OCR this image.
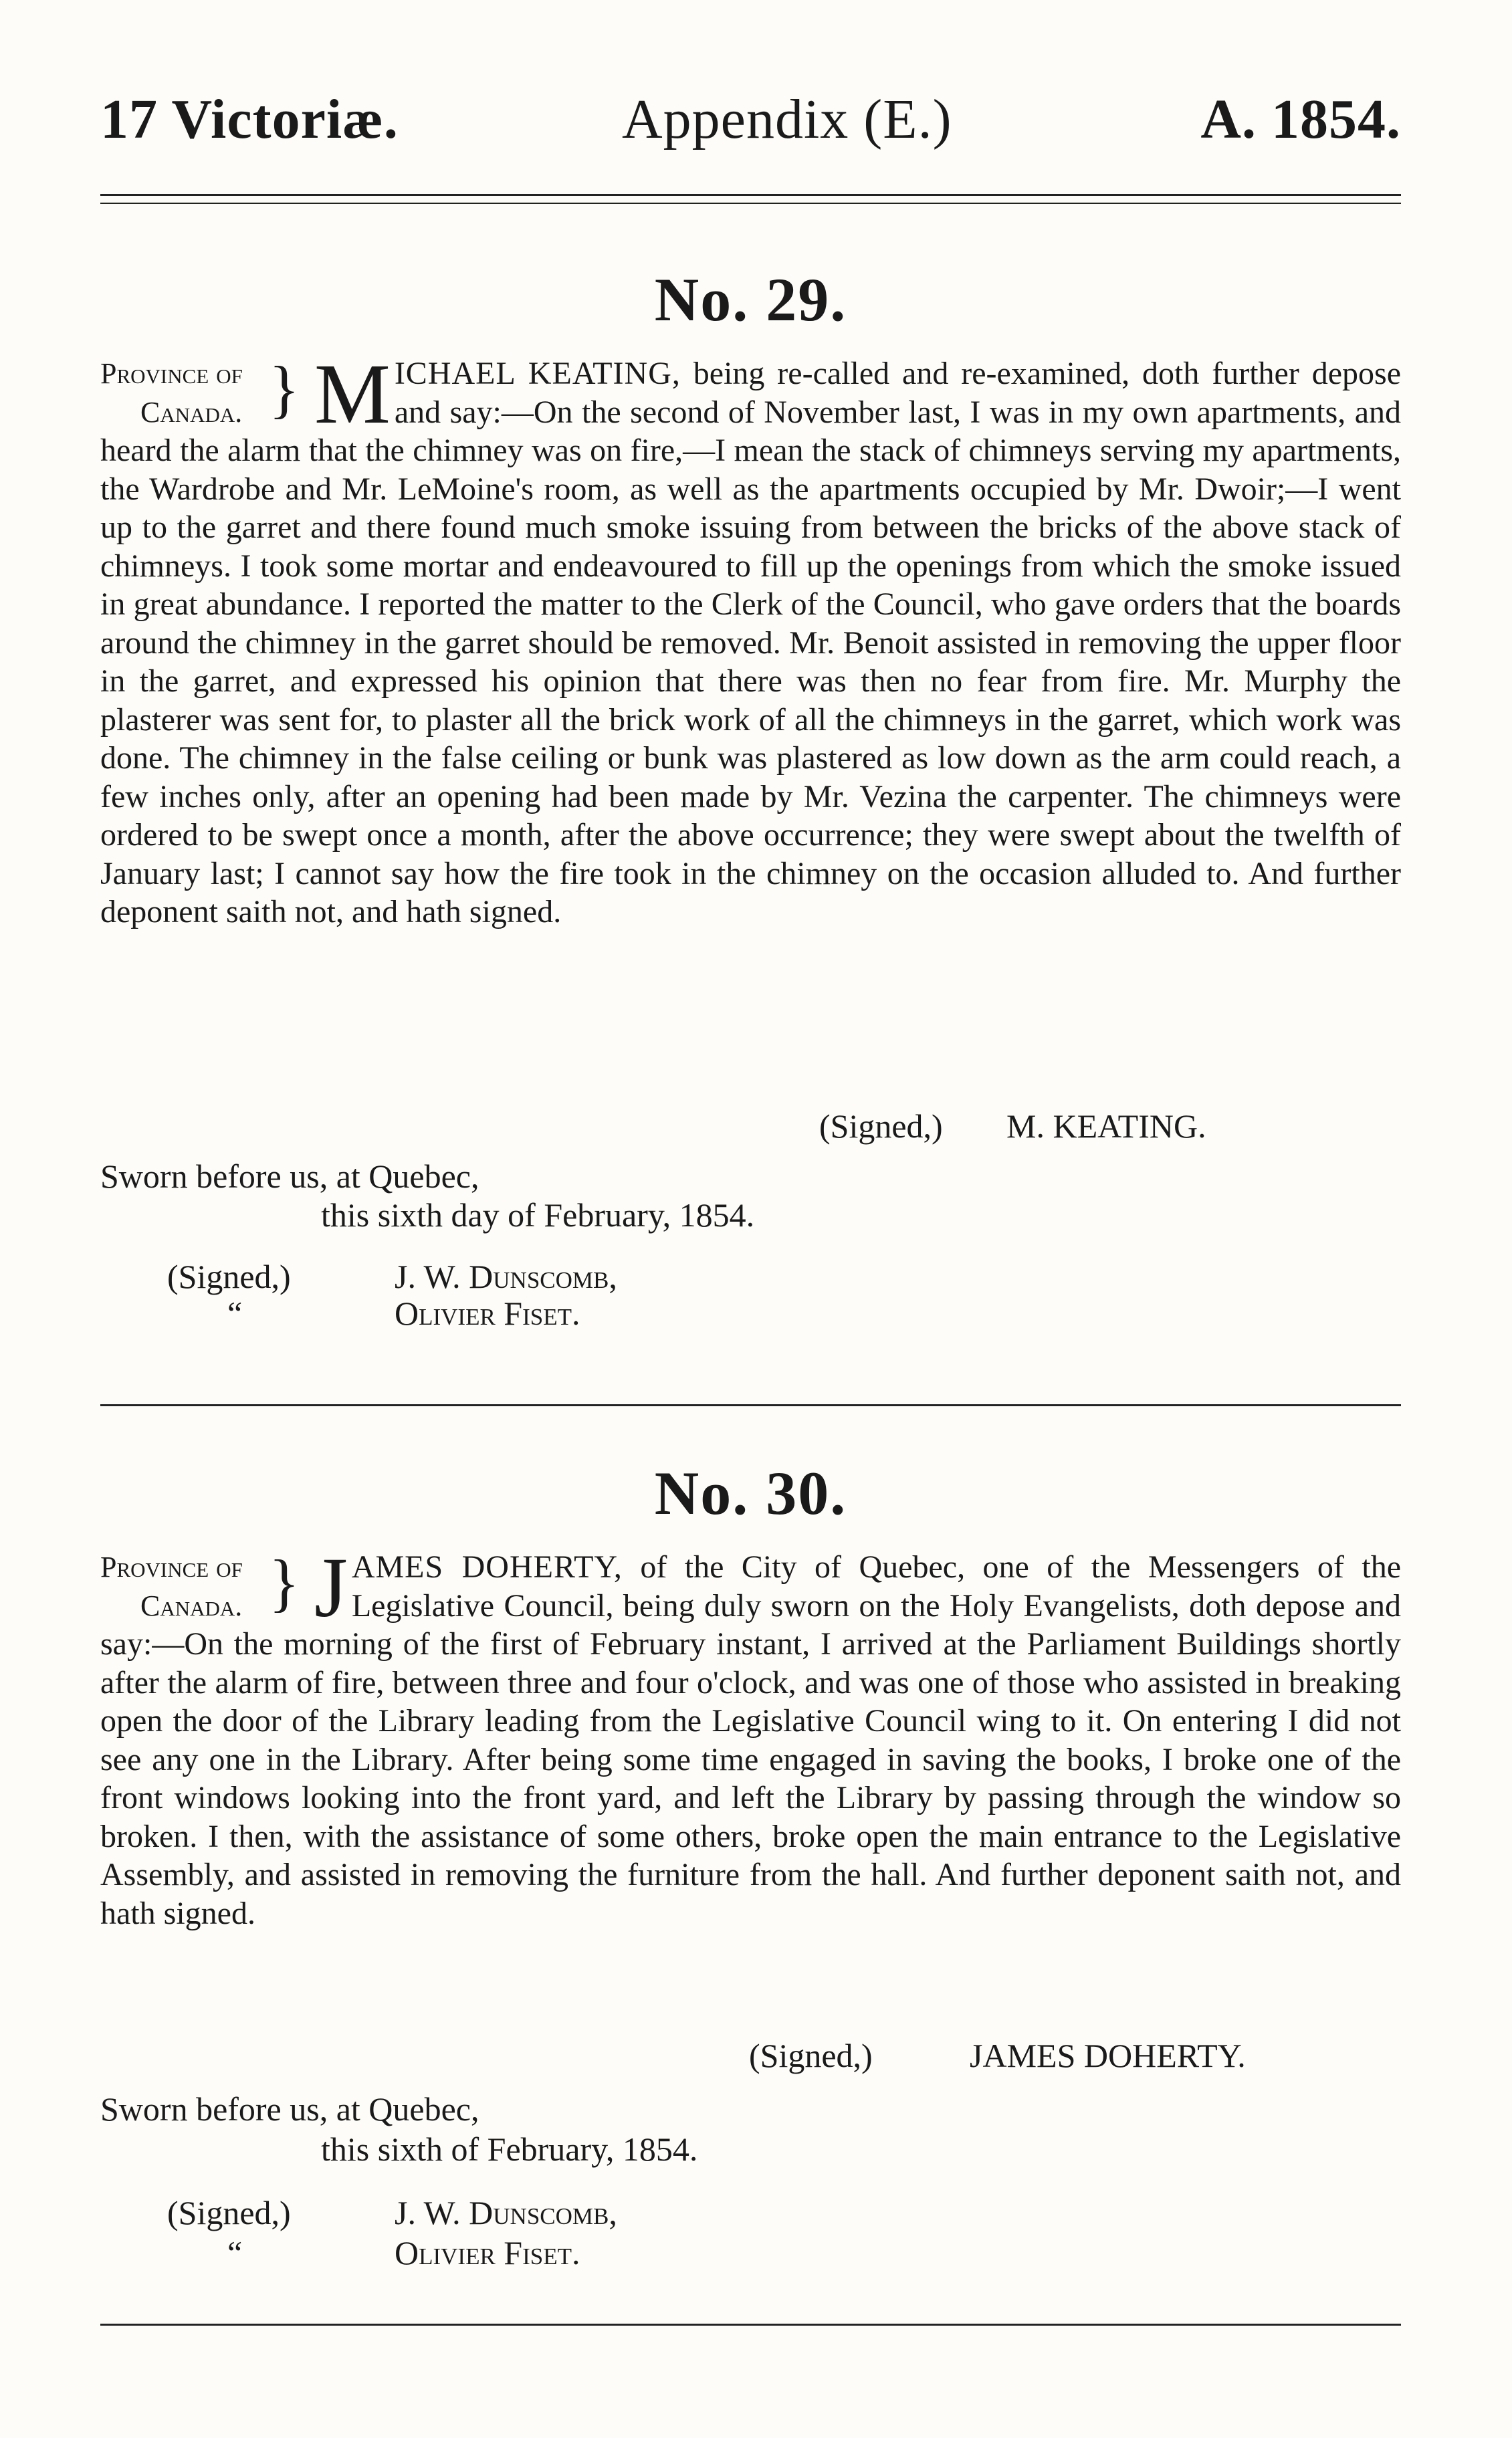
17 Victoriæ.	Appendix (E.)	A. 1854.
No. 29.
Province of
Canada. } M ICHAEL KEATING, being re-called and re-examined, doth further depose and say:—On the second of November last, I was in my own apartments, and heard the alarm that the chimney was on fire,—I mean the stack of chimneys serving my apartments, the Wardrobe and Mr. LeMoine's room, as well as the apartments occupied by Mr. Dwoir;—I went up to the garret and there found much smoke issuing from between the bricks of the above stack of chimneys. I took some mortar and endeavoured to fill up the openings from which the smoke issued in great abundance. I reported the matter to the Clerk of the Council, who gave orders that the boards around the chimney in the garret should be removed. Mr. Benoit assisted in removing the upper floor in the garret, and expressed his opinion that there was then no fear from fire. Mr. Murphy the plasterer was sent for, to plaster all the brick work of all the chimneys in the garret, which work was done. The chimney in the false ceiling or bunk was plastered as low down as the arm could reach, a few inches only, after an opening had been made by Mr. Vezina the carpenter. The chimneys were ordered to be swept once a month, after the above occurrence; they were swept about the twelfth of January last; I cannot say how the fire took in the chimney on the occasion alluded to. And further deponent saith not, and hath signed.
(Signed,) M. KEATING.
Sworn before us, at Quebec,
this sixth day of February, 1854.
(Signed,)	J. W. Dunscomb,
“	Olivier Fiset.
No. 30.
Province of
Canada. } J AMES DOHERTY, of the City of Quebec, one of the Messengers of the Legislative Council, being duly sworn on the Holy Evangelists, doth depose and say:—On the morning of the first of February instant, I arrived at the Parliament Buildings shortly after the alarm of fire, between three and four o'clock, and was one of those who assisted in breaking open the door of the Library leading from the Legislative Council wing to it. On entering I did not see any one in the Library. After being some time engaged in saving the books, I broke one of the front windows looking into the front yard, and left the Library by passing through the window so broken. I then, with the assistance of some others, broke open the main entrance to the Legislative Assembly, and assisted in removing the furniture from the hall. And further deponent saith not, and hath signed.
(Signed,)	JAMES DOHERTY.
Sworn before us, at Quebec,
this sixth of February, 1854.
(Signed,)	J. W. Dunscomb,
“	Olivier Fiset.
